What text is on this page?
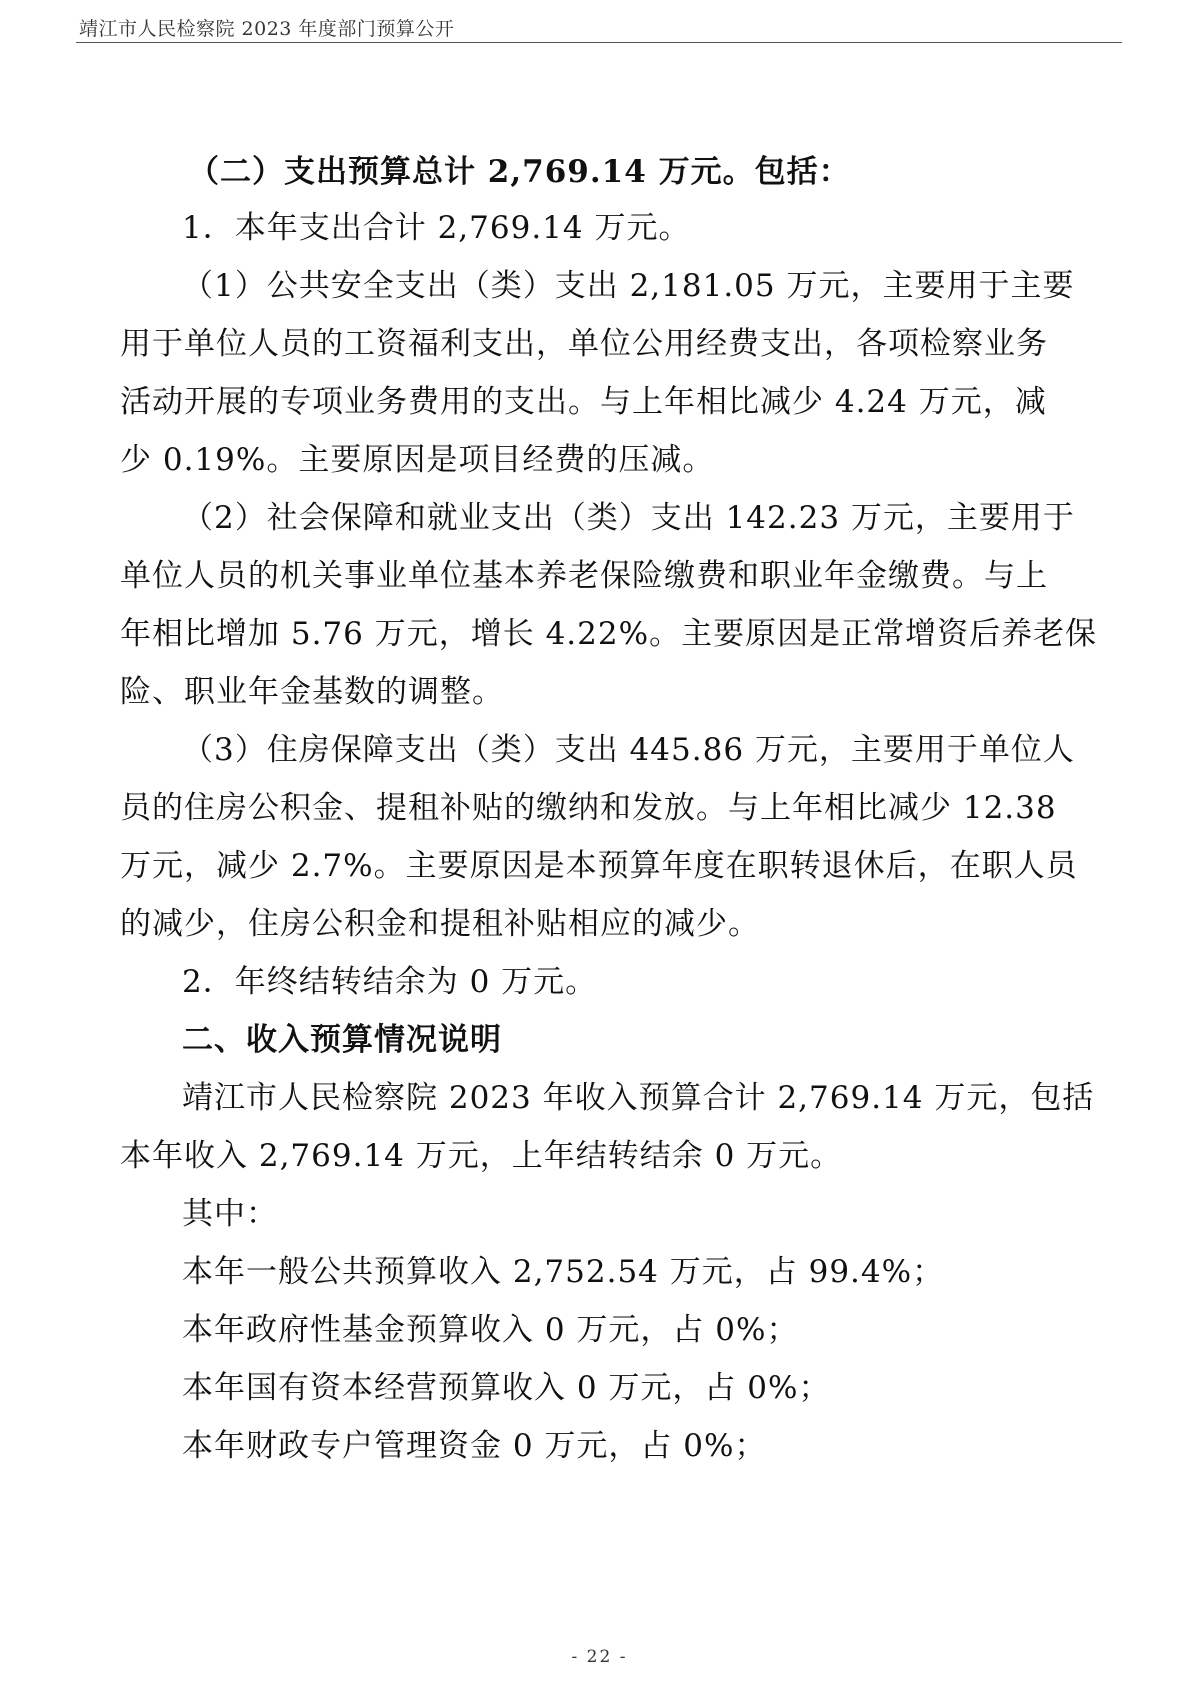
靖江市人民检察院 2023 年度部门预算公开
（二）支出预算总计 2,769.14 万元。包括：
1．本年支出合计 2,769.14 万元。
（1）公共安全支出（类）支出 2,181.05 万元，主要用于主要
用于单位人员的工资福利支出，单位公用经费支出，各项检察业务
活动开展的专项业务费用的支出。与上年相比减少 4.24 万元，减
少 0.19%。主要原因是项目经费的压减。
（2）社会保障和就业支出（类）支出 142.23 万元，主要用于
单位人员的机关事业单位基本养老保险缴费和职业年金缴费。与上
年相比增加 5.76 万元，增长 4.22%。主要原因是正常增资后养老保
险、职业年金基数的调整。
（3）住房保障支出（类）支出 445.86 万元，主要用于单位人
员的住房公积金、提租补贴的缴纳和发放。与上年相比减少 12.38
万元，减少 2.7%。主要原因是本预算年度在职转退休后，在职人员
的减少，住房公积金和提租补贴相应的减少。
2．年终结转结余为 0 万元。
二、收入预算情况说明
靖江市人民检察院 2023 年收入预算合计 2,769.14 万元，包括
本年收入 2,769.14 万元，上年结转结余 0 万元。
其中：
本年一般公共预算收入 2,752.54 万元，占 99.4%；
本年政府性基金预算收入 0 万元，占 0%；
本年国有资本经营预算收入 0 万元，占 0%；
本年财政专户管理资金 0 万元，占 0%；
- 22 -
